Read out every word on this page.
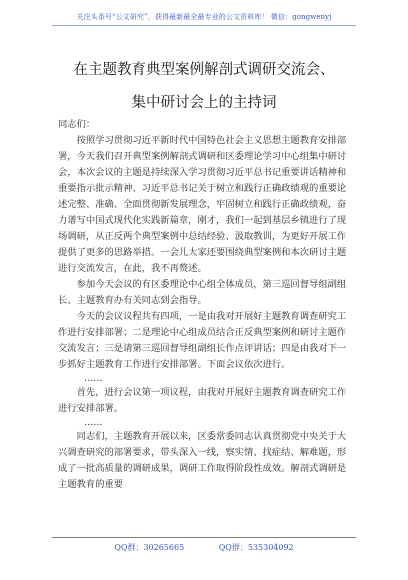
关注头条号“公文研究”，获得最新最全最专业的公文资料库！ 微信：gongwenyj
在主题教育典型案例解剖式调研交流会、
集中研讨会上的主持词

同志们：

按照学习贯彻习近平新时代中国特色社会主义思想主题教育安排部署，今天我们召开典型案例解剖式调研和区委理论学习中心组集中研讨会，本次会议的主题是持续深入学习贯彻习近平总书记重要讲话精神和重要指示批示精神、习近平总书记关于树立和践行正确政绩观的重要论述完整、准确、全面贯彻新发展理念，牢固树立和践行正确政绩观，奋力谱写中国式现代化实践新篇章，刚才，我们一起到基层乡镇进行了现场调研，从正反两个典型案例中总结经验、汲取教训，为更好开展工作提供了更多的思路举措。一会儿大家还要围绕典型案例和本次研讨主题进行交流发言，在此，我不再赘述。

参加今天会议的有区委理论中心组全体成员，第三巡回督导组副组长、主题教育办有关同志到会指导。

今天的会议议程共有四项，一是由我对开展好主题教育调查研究工作进行安排部署；二是理论中心组成员结合正反典型案例和研讨主题作交流发言；三是请第三巡回督导组副组长作点评讲话；四是由我对下一步抓好主题教育工作进行安排部署。下面会议依次进行。

……

首先，进行会议第一项议程，由我对开展好主题教育调查研究工作进行安排部署。

……

同志们，主题教育开展以来，区委常委同志认真贯彻党中央关于大兴调查研究的部署要求，带头深入一线，察实情、找症结、解难题，形成了一批高质量的调研成果，调研工作取得阶段性成效。解剖式调研是主题教育的重要

QQ群：30265665	QQ群：535304092
